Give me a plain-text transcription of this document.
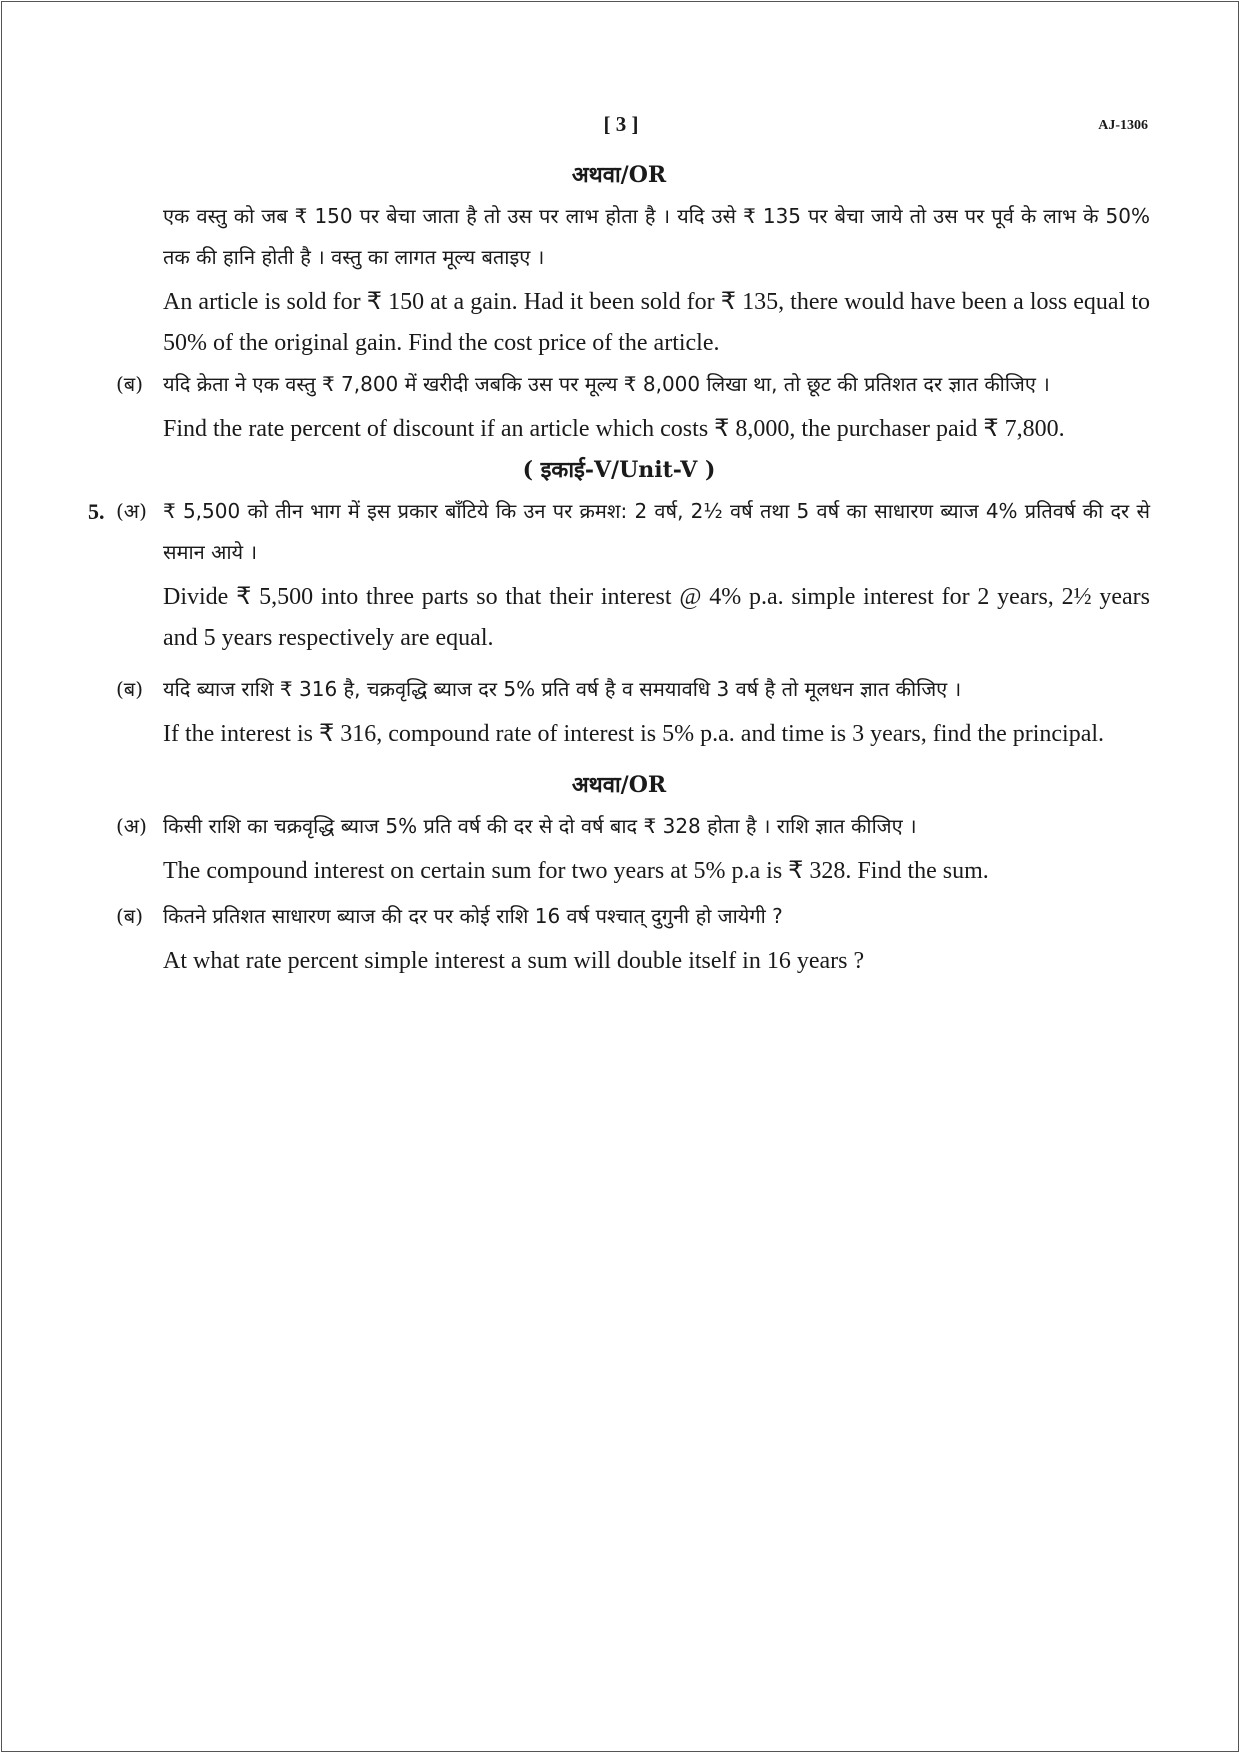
[ 3 ]	AJ-1306

अथवा/OR

एक वस्तु को जब ₹ 150 पर बेचा जाता है तो उस पर लाभ होता है । यदि उसे ₹ 135 पर बेचा जाये तो उस पर पूर्व के लाभ के 50% तक की हानि होती है । वस्तु का लागत मूल्य बताइए ।

An article is sold for ₹ 150 at a gain. Had it been sold for ₹ 135, there would have been a loss equal to 50% of the original gain. Find the cost price of the article.

(ब) यदि क्रेता ने एक वस्तु ₹ 7,800 में खरीदी जबकि उस पर मूल्य ₹ 8,000 लिखा था, तो छूट की प्रतिशत दर ज्ञात कीजिए ।

Find the rate percent of discount if an article which costs ₹ 8,000, the purchaser paid ₹ 7,800.

( इकाई-V/Unit-V )

5. (अ) ₹ 5,500 को तीन भाग में इस प्रकार बाँटिये कि उन पर क्रमश: 2 वर्ष, 2½ वर्ष तथा 5 वर्ष का साधारण ब्याज 4% प्रतिवर्ष की दर से समान आये ।

Divide ₹ 5,500 into three parts so that their interest @ 4% p.a. simple interest for 2 years, 2½ years and 5 years respectively are equal.

(ब) यदि ब्याज राशि ₹ 316 है, चक्रवृद्धि ब्याज दर 5% प्रति वर्ष है व समयावधि 3 वर्ष है तो मूलधन ज्ञात कीजिए ।

If the interest is ₹ 316, compound rate of interest is 5% p.a. and time is 3 years, find the principal.

अथवा/OR

(अ) किसी राशि का चक्रवृद्धि ब्याज 5% प्रति वर्ष की दर से दो वर्ष बाद ₹ 328 होता है । राशि ज्ञात कीजिए ।

The compound interest on certain sum for two years at 5% p.a is ₹ 328. Find the sum.

(ब) कितने प्रतिशत साधारण ब्याज की दर पर कोई राशि 16 वर्ष पश्चात् दुगुनी हो जायेगी ?

At what rate percent simple interest a sum will double itself in 16 years ?
